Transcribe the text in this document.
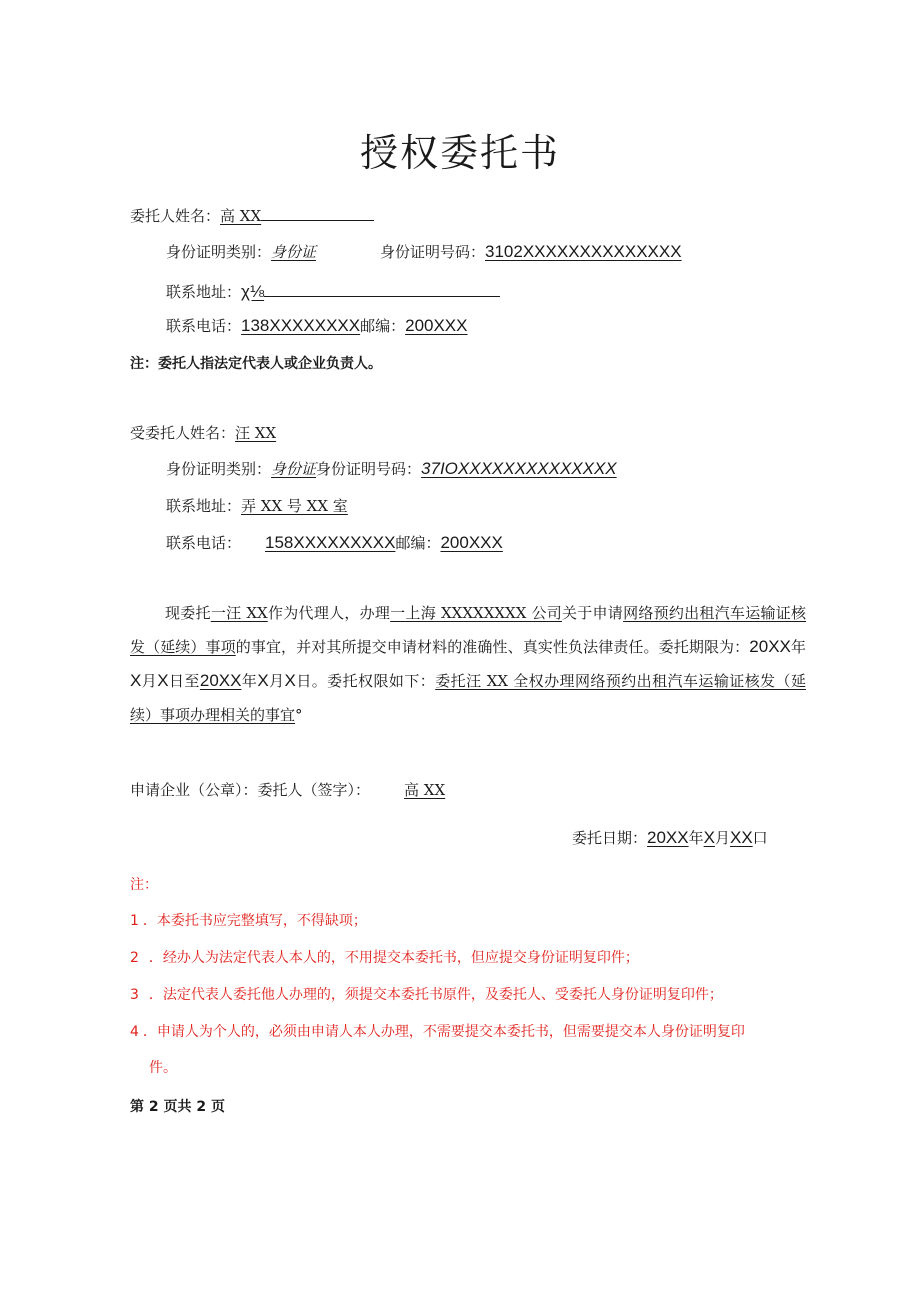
授权委托书
委托人姓名：高 XX
身份证明类别：身份证	身份证明号码：3102XXXXXXXXXXXXXX
联系地址：χ⅛
联系电话：138XXXXXXXX邮编：200XXX
注：委托人指法定代表人或企业负责人。
受委托人姓名：汪 XX
身份证明类别：身份证身份证明号码：37IOXXXXXXXXXXXXXX
联系地址：弄 XX 号 XX 室
联系电话： 158XXXXXXXXX邮编：200XXX
现委托一汪 XX作为代理人，办理一上海 XXXXXXXX 公司关于申请网络预约出租汽车运输证核发（延续）事项的事宜，并对其所提交申请材料的准确性、真实性负法律责任。委托期限为：20XX年X月X日至20XX年X月X日。委托权限如下：委托汪 XX 全权办理网络预约出租汽车运输证核发（延续）事项办理相关的事宜°
申请企业（公章）：委托人（签字）： 高 XX
委托日期：20XX年X月XX口
注：
1 ．本委托书应完整填写，不得缺项；
2 ．经办人为法定代表人本人的，不用提交本委托书，但应提交身份证明复印件；
3 ．法定代表人委托他人办理的，须提交本委托书原件，及委托人、受委托人身份证明复印件；
4 ．申请人为个人的，必须由申请人本人办理，不需要提交本委托书，但需要提交本人身份证明复印
件。
第 2 页共 2 页
